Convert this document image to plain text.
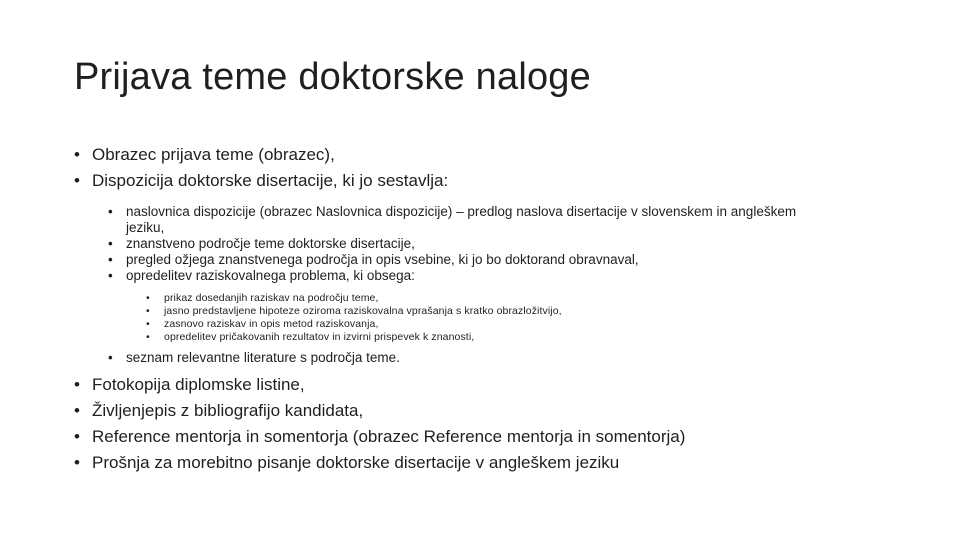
Prijava teme doktorske naloge
• Obrazec prijava teme (obrazec),
• Dispozicija doktorske disertacije, ki jo sestavlja:
• naslovnica dispozicije (obrazec Naslovnica dispozicije) – predlog naslova disertacije v slovenskem in angleškem jeziku,
• znanstveno področje teme doktorske disertacije,
• pregled ožjega znanstvenega področja in opis vsebine, ki jo bo doktorand obravnaval,
• opredelitev raziskovalnega problema, ki obsega:
• prikaz dosedanjih raziskav na področju teme,
• jasno predstavljene hipoteze oziroma raziskovalna vprašanja s kratko obrazložitvijo,
• zasnovo raziskav in opis metod raziskovanja,
• opredelitev pričakovanih rezultatov in izvirni prispevek k znanosti,
• seznam relevantne literature s področja teme.
• Fotokopija diplomske listine,
• Življenjepis z bibliografijo kandidata,
• Reference mentorja in somentorja (obrazec Reference mentorja in somentorja)
• Prošnja za morebitno pisanje doktorske disertacije v angleškem jeziku
